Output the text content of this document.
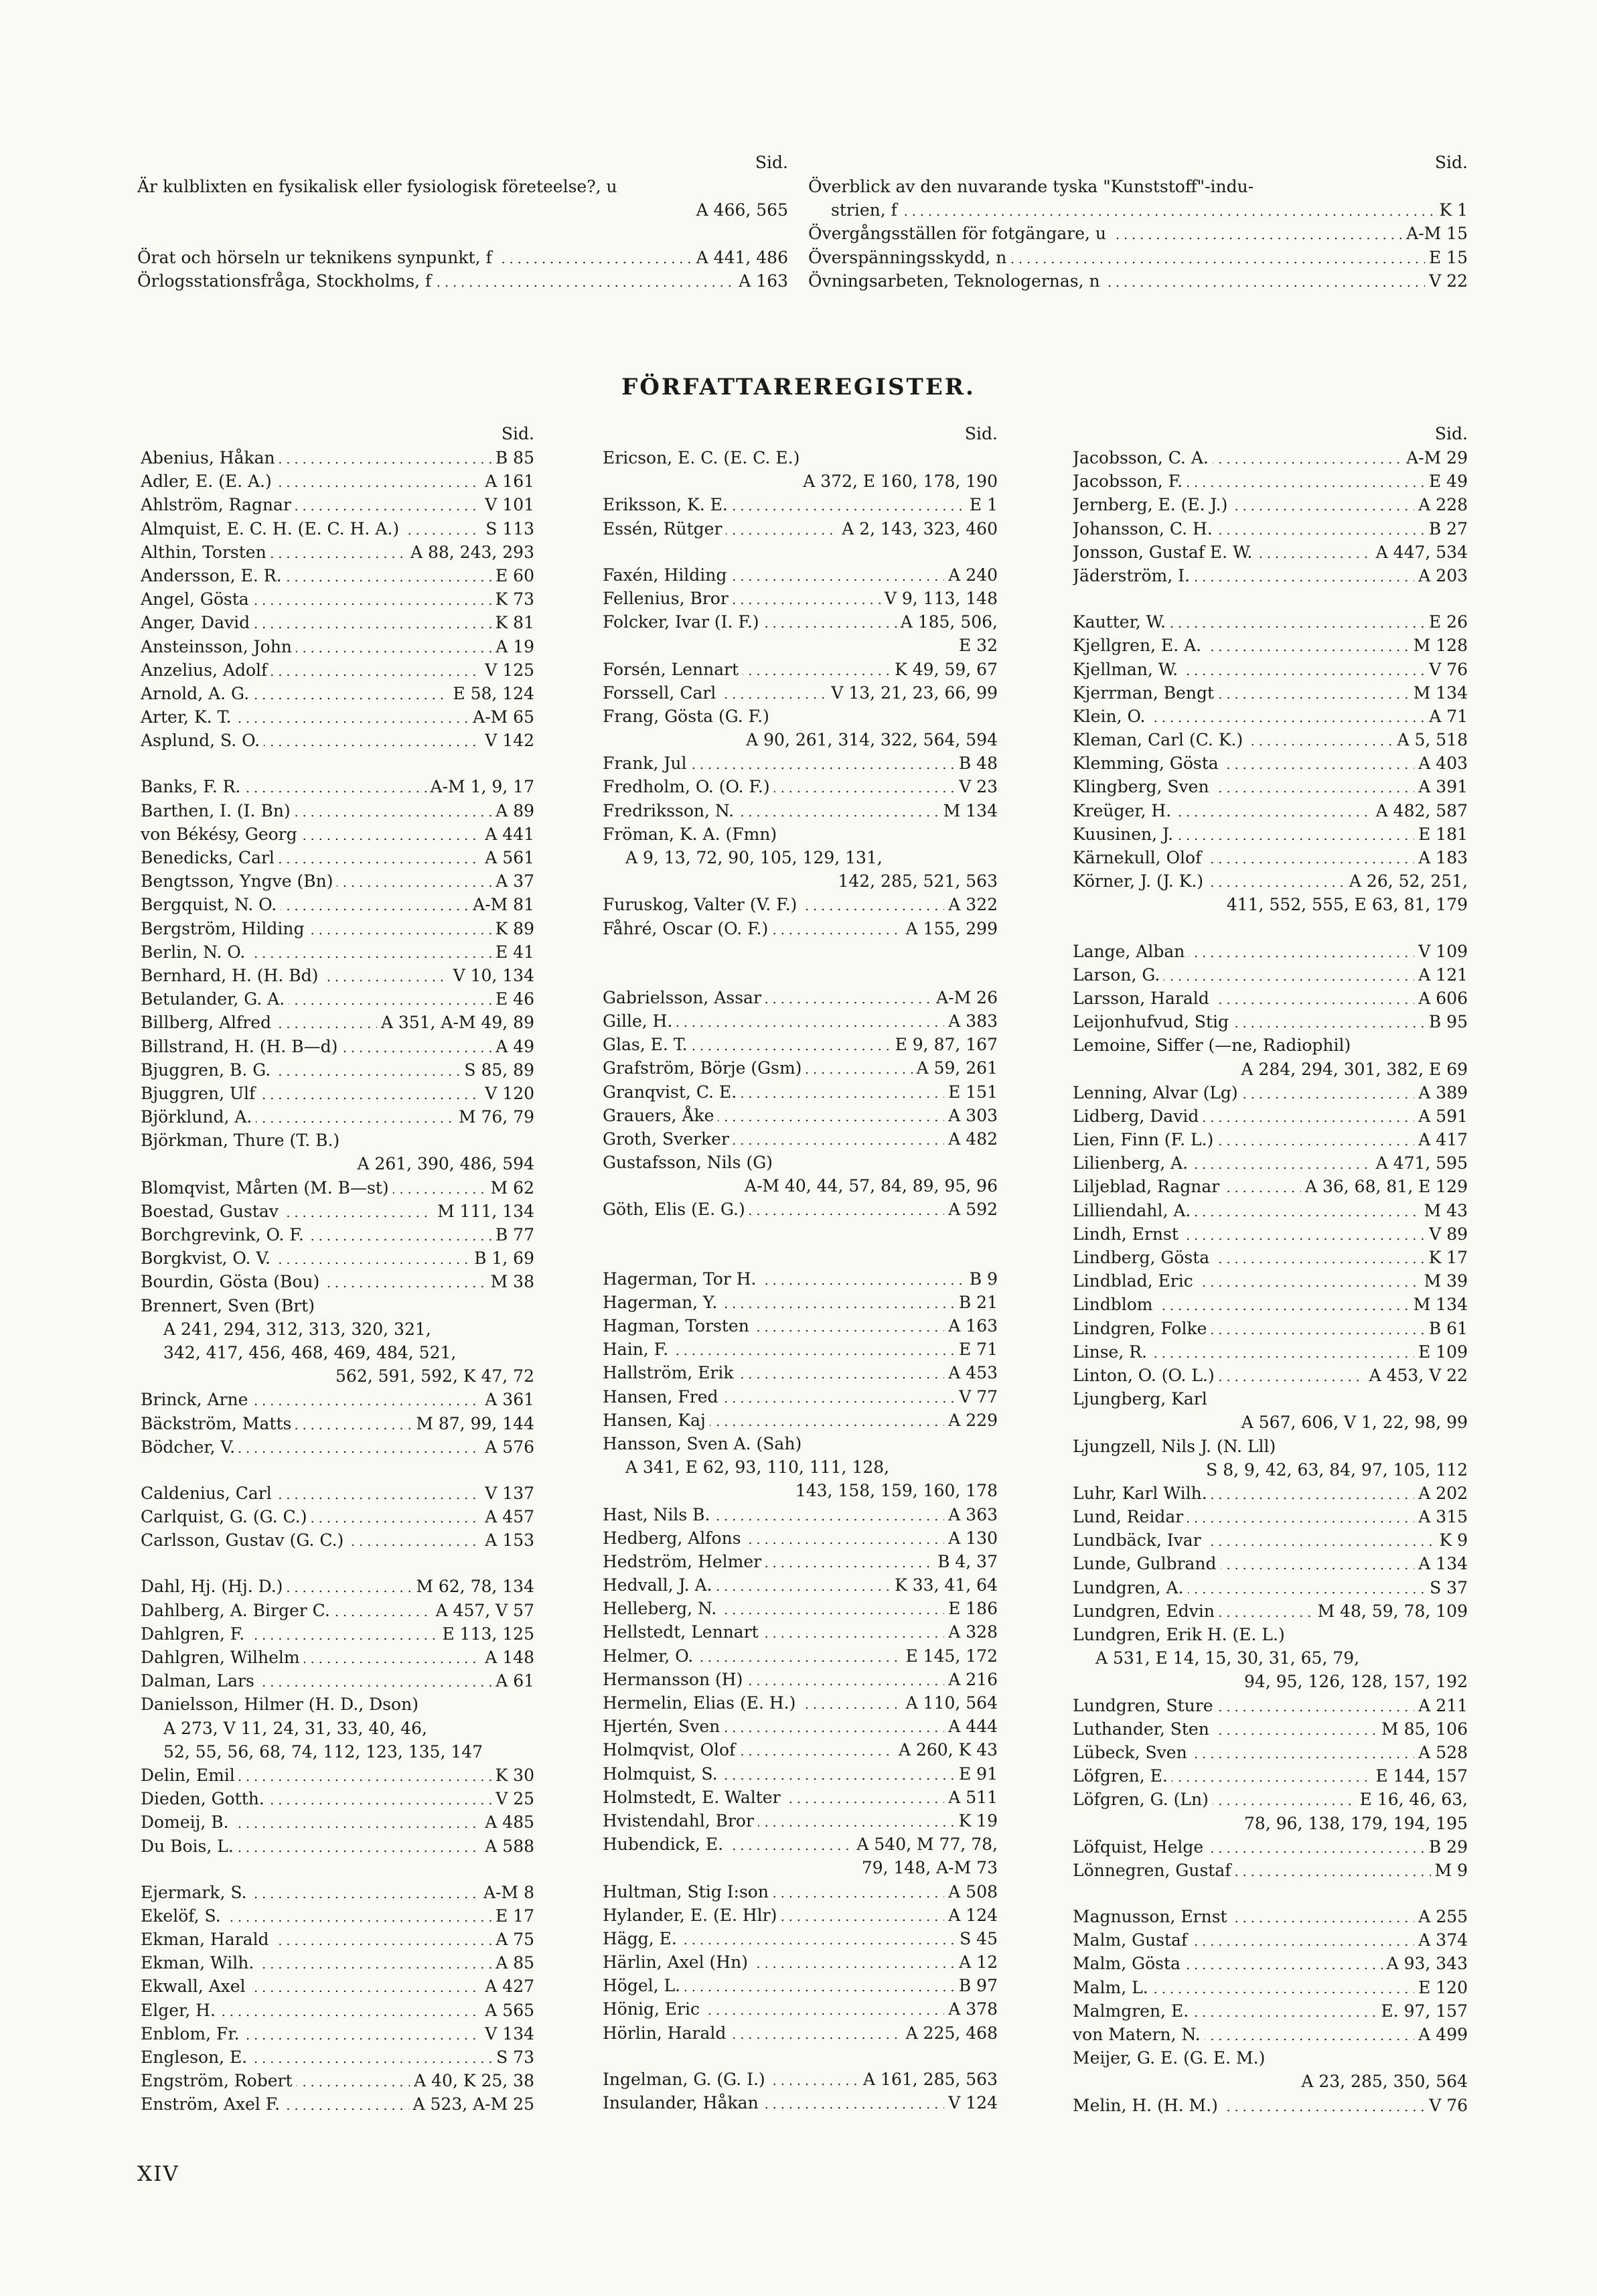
Sid.
Är kulblixten en fysikalisk eller fysiologisk företeelse?, u
A 466, 565
. . .
Örat och hörseln ur teknikens synpunkt, f	A 441, 486
. . .
Örlogsstationsfråga, Stockholms, f	A 163
Sid.
Överblick av den nuvarande tyska "Kunststoff"-indu-
. . .
strien, f	K 1
. . .
Övergångsställen för fotgängare, u	A-M 15
. . .
Överspänningsskydd, n	E 15
. . .
Övningsarbeten, Teknologernas, n	V 22
FÖRFATTAREREGISTER.
Sid.
. . .
Abenius, Håkan	B 85
. . .
Adler, E. (E. A.)	A 161
. . .
Ahlström, Ragnar	V 101
. . .
Almquist, E. C. H. (E. C. H. A.)	S 113
. . .
Althin, Torsten	A 88, 243, 293
. . .
Andersson, E. R.	E 60
. . .
Angel, Gösta	K 73
. . .
Anger, David	K 81
. . .
Ansteinsson, John	A 19
. . .
Anzelius, Adolf	V 125
. . .
Arnold, A. G.	E 58, 124
. . .
Arter, K. T.	A-M 65
. . .
Asplund, S. O.	V 142
. . .
Banks, F. R.	A-M 1, 9, 17
. . .
Barthen, I. (I. Bn)	A 89
. . .
von Békésy, Georg	A 441
. . .
Benedicks, Carl	A 561
. . .
Bengtsson, Yngve (Bn)	A 37
. . .
Bergquist, N. O.	A-M 81
. . .
Bergström, Hilding	K 89
. . .
Berlin, N. O.	E 41
. . .
Bernhard, H. (H. Bd)	V 10, 134
. . .
Betulander, G. A.	E 46
. . .
Billberg, Alfred	A 351, A-M 49, 89
. . .
Billstrand, H. (H. B—d)	A 49
. . .
Bjuggren, B. G.	S 85, 89
. . .
Bjuggren, Ulf	V 120
. . .
Björklund, A.	M 76, 79
Björkman, Thure (T. B.)
A 261, 390, 486, 594
. . .
Blomqvist, Mårten (M. B—st)	M 62
. . .
Boestad, Gustav	M 111, 134
. . .
Borchgrevink, O. F.	B 77
. . .
Borgkvist, O. V.	B 1, 69
. . .
Bourdin, Gösta (Bou)	M 38
Brennert, Sven (Brt)
A 241, 294, 312, 313, 320, 321,
342, 417, 456, 468, 469, 484, 521,
562, 591, 592, K 47, 72
. . .
Brinck, Arne	A 361
. . .
Bäckström, Matts	M 87, 99, 144
. . .
Bödcher, V.	A 576
. . .
Caldenius, Carl	V 137
. . .
Carlquist, G. (G. C.)	A 457
. . .
Carlsson, Gustav (G. C.)	A 153
. . .
Dahl, Hj. (Hj. D.)	M 62, 78, 134
. . .
Dahlberg, A. Birger C.	A 457, V 57
. . .
Dahlgren, F.	E 113, 125
. . .
Dahlgren, Wilhelm	A 148
. . .
Dalman, Lars	A 61
Danielsson, Hilmer (H. D., Dson)
A 273, V 11, 24, 31, 33, 40, 46,
52, 55, 56, 68, 74, 112, 123, 135, 147
. . .
Delin, Emil	K 30
. . .
Dieden, Gotth.	V 25
. . .
Domeij, B.	A 485
. . .
Du Bois, L.	A 588
. . .
Ejermark, S.	A-M 8
. . .
Ekelöf, S.	E 17
. . .
Ekman, Harald	A 75
. . .
Ekman, Wilh.	A 85
. . .
Ekwall, Axel	A 427
. . .
Elger, H.	A 565
. . .
Enblom, Fr.	V 134
. . .
Engleson, E.	S 73
. . .
Engström, Robert	A 40, K 25, 38
. . .
Enström, Axel F.	A 523, A-M 25
Sid.
Ericson, E. C. (E. C. E.)
A 372, E 160, 178, 190
. . .
Eriksson, K. E.	E 1
. . .
Essén, Rütger	A 2, 143, 323, 460
. . .
Faxén, Hilding	A 240
. . .
Fellenius, Bror	V 9, 113, 148
. . .
Folcker, Ivar (I. F.)	A 185, 506,
E 32
. . .
Forsén, Lennart	K 49, 59, 67
. . .
Forssell, Carl	V 13, 21, 23, 66, 99
Frang, Gösta (G. F.)
A 90, 261, 314, 322, 564, 594
. . .
Frank, Jul	B 48
. . .
Fredholm, O. (O. F.)	V 23
. . .
Fredriksson, N.	M 134
Fröman, K. A. (Fmn)
A 9, 13, 72, 90, 105, 129, 131,
142, 285, 521, 563
. . .
Furuskog, Valter (V. F.)	A 322
. . .
Fåhré, Oscar (O. F.)	A 155, 299
. . .
Gabrielsson, Assar	A-M 26
. . .
Gille, H.	A 383
. . .
Glas, E. T.	E 9, 87, 167
. . .
Grafström, Börje (Gsm)	A 59, 261
. . .
Granqvist, C. E.	E 151
. . .
Grauers, Åke	A 303
. . .
Groth, Sverker	A 482
Gustafsson, Nils (G)
A-M 40, 44, 57, 84, 89, 95, 96
. . .
Göth, Elis (E. G.)	A 592
. . .
Hagerman, Tor H.	B 9
. . .
Hagerman, Y.	B 21
. . .
Hagman, Torsten	A 163
. . .
Hain, F.	E 71
. . .
Hallström, Erik	A 453
. . .
Hansen, Fred	V 77
. . .
Hansen, Kaj	A 229
Hansson, Sven A. (Sah)
A 341, E 62, 93, 110, 111, 128,
143, 158, 159, 160, 178
. . .
Hast, Nils B.	A 363
. . .
Hedberg, Alfons	A 130
. . .
Hedström, Helmer	B 4, 37
. . .
Hedvall, J. A.	K 33, 41, 64
. . .
Helleberg, N.	E 186
. . .
Hellstedt, Lennart	A 328
. . .
Helmer, O.	E 145, 172
. . .
Hermansson (H)	A 216
. . .
Hermelin, Elias (E. H.)	A 110, 564
. . .
Hjertén, Sven	A 444
. . .
Holmqvist, Olof	A 260, K 43
. . .
Holmquist, S.	E 91
. . .
Holmstedt, E. Walter	A 511
. . .
Hvistendahl, Bror	K 19
. . .
Hubendick, E.	A 540, M 77, 78,
79, 148, A-M 73
. . .
Hultman, Stig I:son	A 508
. . .
Hylander, E. (E. Hlr)	A 124
. . .
Hägg, E.	S 45
. . .
Härlin, Axel (Hn)	A 12
. . .
Högel, L.	B 97
. . .
Hönig, Eric	A 378
. . .
Hörlin, Harald	A 225, 468
. . .
Ingelman, G. (G. I.)	A 161, 285, 563
. . .
Insulander, Håkan	V 124
Sid.
. . .
Jacobsson, C. A.	A-M 29
. . .
Jacobsson, F.	E 49
. . .
Jernberg, E. (E. J.)	A 228
. . .
Johansson, C. H.	B 27
. . .
Jonsson, Gustaf E. W.	A 447, 534
. . .
Jäderström, I.	A 203
. . .
Kautter, W.	E 26
. . .
Kjellgren, E. A.	M 128
. . .
Kjellman, W.	V 76
. . .
Kjerrman, Bengt	M 134
. . .
Klein, O.	A 71
. . .
Kleman, Carl (C. K.)	A 5, 518
. . .
Klemming, Gösta	A 403
. . .
Klingberg, Sven	A 391
. . .
Kreüger, H.	A 482, 587
. . .
Kuusinen, J.	E 181
. . .
Kärnekull, Olof	A 183
. . .
Körner, J. (J. K.)	A 26, 52, 251,
411, 552, 555, E 63, 81, 179
. . .
Lange, Alban	V 109
. . .
Larson, G.	A 121
. . .
Larsson, Harald	A 606
. . .
Leijonhufvud, Stig	B 95
Lemoine, Siffer (—ne, Radiophil)
A 284, 294, 301, 382, E 69
. . .
Lenning, Alvar (Lg)	A 389
. . .
Lidberg, David	A 591
. . .
Lien, Finn (F. L.)	A 417
. . .
Lilienberg, A.	A 471, 595
. . .
Liljeblad, Ragnar	A 36, 68, 81, E 129
. . .
Lilliendahl, A.	M 43
. . .
Lindh, Ernst	V 89
. . .
Lindberg, Gösta	K 17
. . .
Lindblad, Eric	M 39
. . .
Lindblom	M 134
. . .
Lindgren, Folke	B 61
. . .
Linse, R.	E 109
. . .
Linton, O. (O. L.)	A 453, V 22
Ljungberg, Karl
A 567, 606, V 1, 22, 98, 99
Ljungzell, Nils J. (N. Lll)
S 8, 9, 42, 63, 84, 97, 105, 112
. . .
Luhr, Karl Wilh.	A 202
. . .
Lund, Reidar	A 315
. . .
Lundbäck, Ivar	K 9
. . .
Lunde, Gulbrand	A 134
. . .
Lundgren, A.	S 37
. . .
Lundgren, Edvin	M 48, 59, 78, 109
Lundgren, Erik H. (E. L.)
A 531, E 14, 15, 30, 31, 65, 79,
94, 95, 126, 128, 157, 192
. . .
Lundgren, Sture	A 211
. . .
Luthander, Sten	M 85, 106
. . .
Lübeck, Sven	A 528
. . .
Löfgren, E.	E 144, 157
. . .
Löfgren, G. (Ln)	E 16, 46, 63,
78, 96, 138, 179, 194, 195
. . .
Löfquist, Helge	B 29
. . .
Lönnegren, Gustaf	M 9
. . .
Magnusson, Ernst	A 255
. . .
Malm, Gustaf	A 374
. . .
Malm, Gösta	A 93, 343
. . .
Malm, L.	E 120
. . .
Malmgren, E.	E. 97, 157
. . .
von Matern, N.	A 499
Meijer, G. E. (G. E. M.)
A 23, 285, 350, 564
. . .
Melin, H. (H. M.)	V 76
XIV
